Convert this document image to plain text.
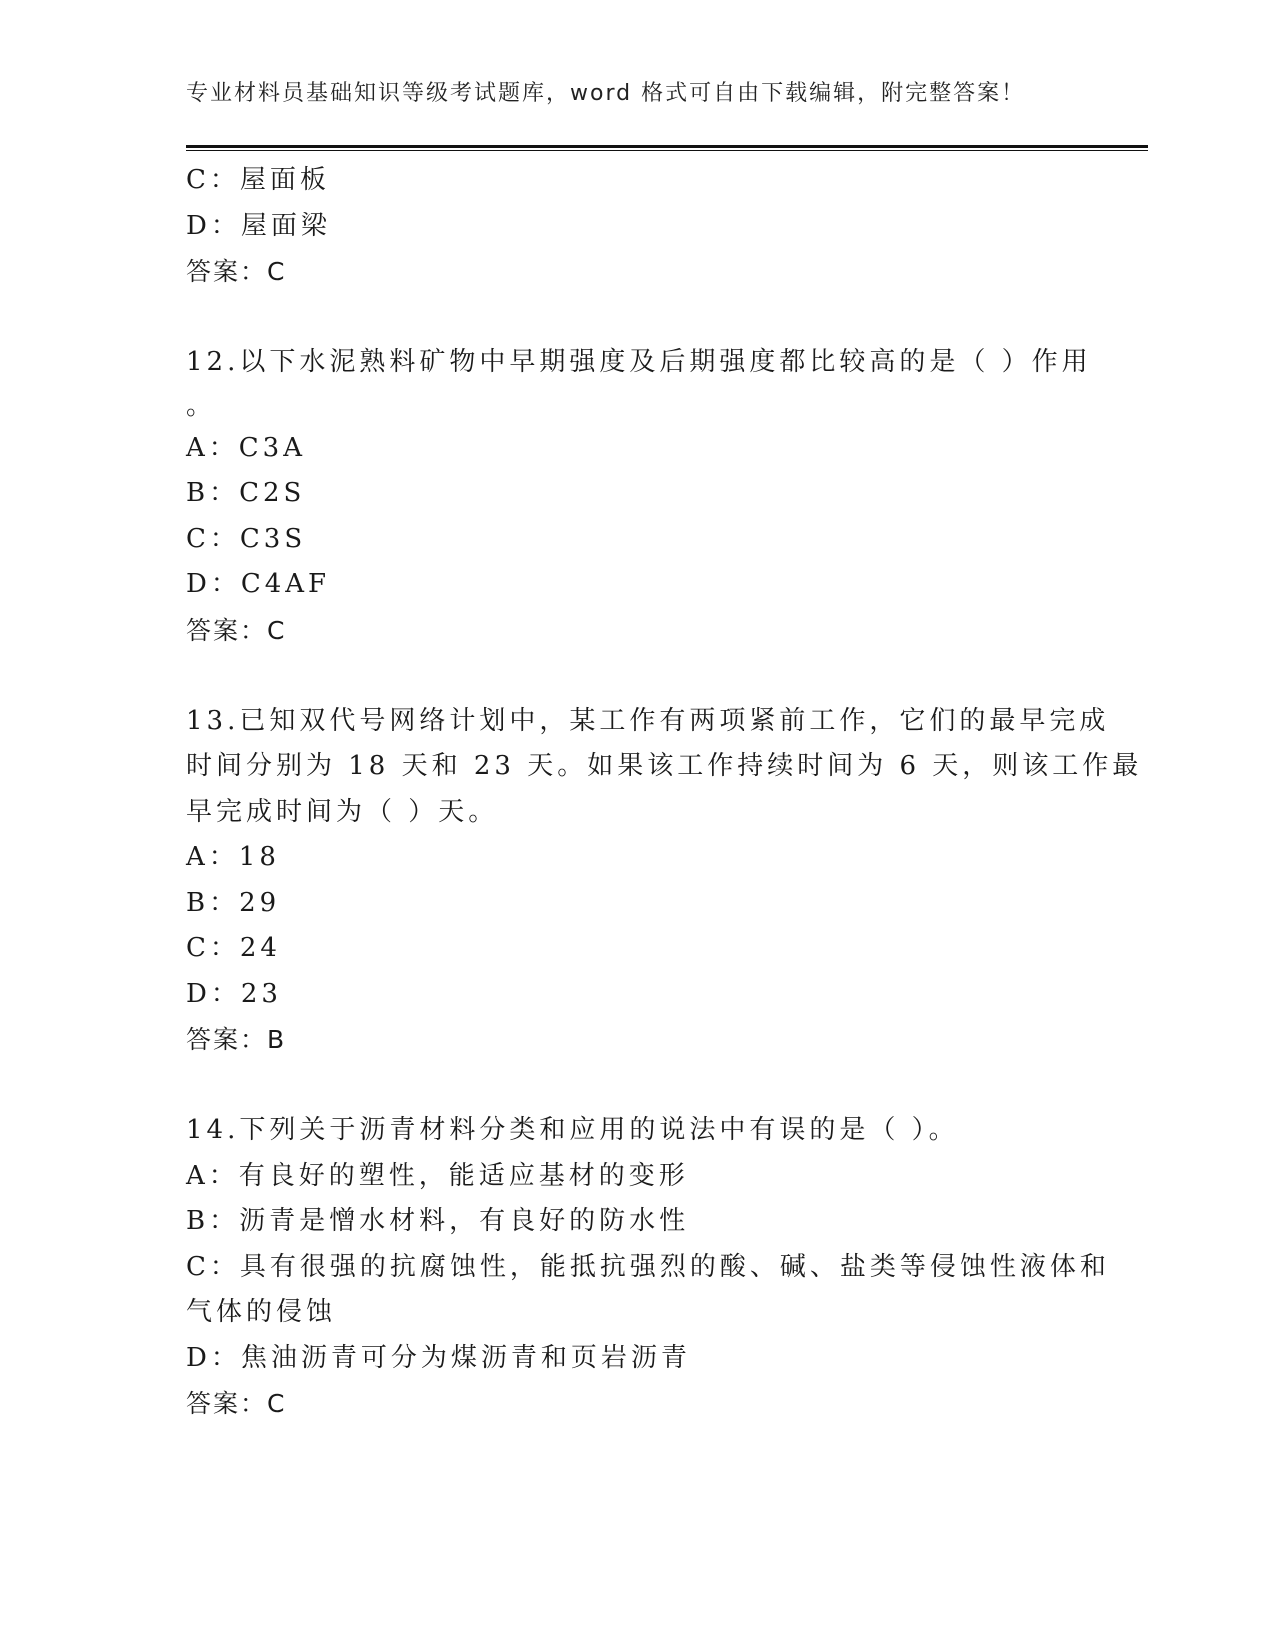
专业材料员基础知识等级考试题库，word 格式可自由下载编辑，附完整答案！
C：屋面板
D：屋面梁
答案：C
12.以下水泥熟料矿物中早期强度及后期强度都比较高的是（ ）作用
。
A：C3A
B：C2S
C：C3S
D：C4AF
答案：C
13.已知双代号网络计划中，某工作有两项紧前工作，它们的最早完成
时间分别为 18 天和 23 天。如果该工作持续时间为 6 天，则该工作最
早完成时间为（ ）天。
A：18
B：29
C：24
D：23
答案：B
14.下列关于沥青材料分类和应用的说法中有误的是（ ）。
A：有良好的塑性，能适应基材的变形
B：沥青是憎水材料，有良好的防水性
C：具有很强的抗腐蚀性，能抵抗强烈的酸、碱、盐类等侵蚀性液体和
气体的侵蚀
D：焦油沥青可分为煤沥青和页岩沥青
答案：C
